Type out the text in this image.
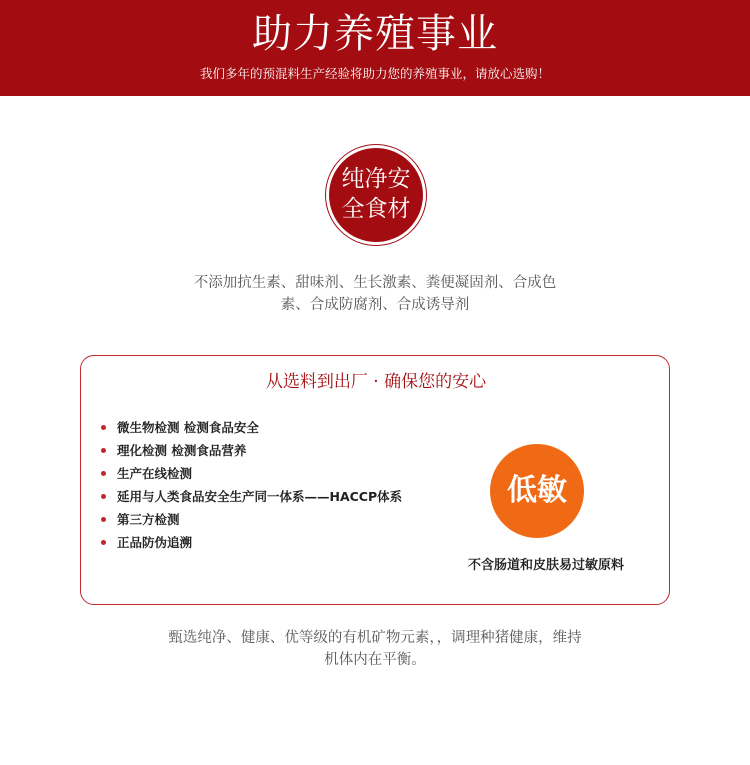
助力养殖事业
我们多年的预混料生产经验将助力您的养殖事业，请放心选购！
纯净安
全食材
不添加抗生素、甜味剂、生长激素、粪便凝固剂、合成色
素、合成防腐剂、合成诱导剂
从选料到出厂 · 确保您的安心
微生物检测 检测食品安全
理化检测 检测食品营养
生产在线检测
延用与人类食品安全生产同一体系——HACCP体系
第三方检测
正品防伪追溯
低敏
不含肠道和皮肤易过敏原料
甄选纯净、健康、优等级的有机矿物元素，，调理种猪健康，维持
机体内在平衡。
